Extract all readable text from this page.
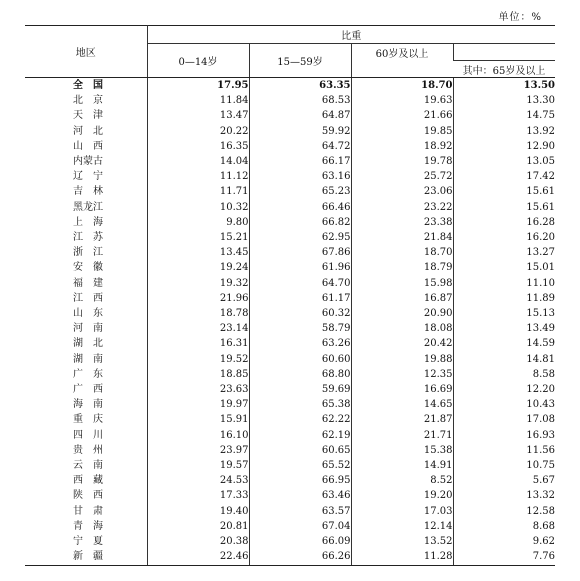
单位：%
地区	比重			
	0—14岁	15—59岁	60岁及以上	
				其中：65岁及以上
全　国	17.95	63.35	18.70	13.50
北　京	11.84	68.53	19.63	13.30
天　津	13.47	64.87	21.66	14.75
河　北	20.22	59.92	19.85	13.92
山　西	16.35	64.72	18.92	12.90
内蒙古	14.04	66.17	19.78	13.05
辽　宁	11.12	63.16	25.72	17.42
吉　林	11.71	65.23	23.06	15.61
黑龙江	10.32	66.46	23.22	15.61
上　海	9.80	66.82	23.38	16.28
江　苏	15.21	62.95	21.84	16.20
浙　江	13.45	67.86	18.70	13.27
安　徽	19.24	61.96	18.79	15.01
福　建	19.32	64.70	15.98	11.10
江　西	21.96	61.17	16.87	11.89
山　东	18.78	60.32	20.90	15.13
河　南	23.14	58.79	18.08	13.49
湖　北	16.31	63.26	20.42	14.59
湖　南	19.52	60.60	19.88	14.81
广　东	18.85	68.80	12.35	8.58
广　西	23.63	59.69	16.69	12.20
海　南	19.97	65.38	14.65	10.43
重　庆	15.91	62.22	21.87	17.08
四　川	16.10	62.19	21.71	16.93
贵　州	23.97	60.65	15.38	11.56
云　南	19.57	65.52	14.91	10.75
西　藏	24.53	66.95	8.52	5.67
陕　西	17.33	63.46	19.20	13.32
甘　肃	19.40	63.57	17.03	12.58
青　海	20.81	67.04	12.14	8.68
宁　夏	20.38	66.09	13.52	9.62
新　疆	22.46	66.26	11.28	7.76
